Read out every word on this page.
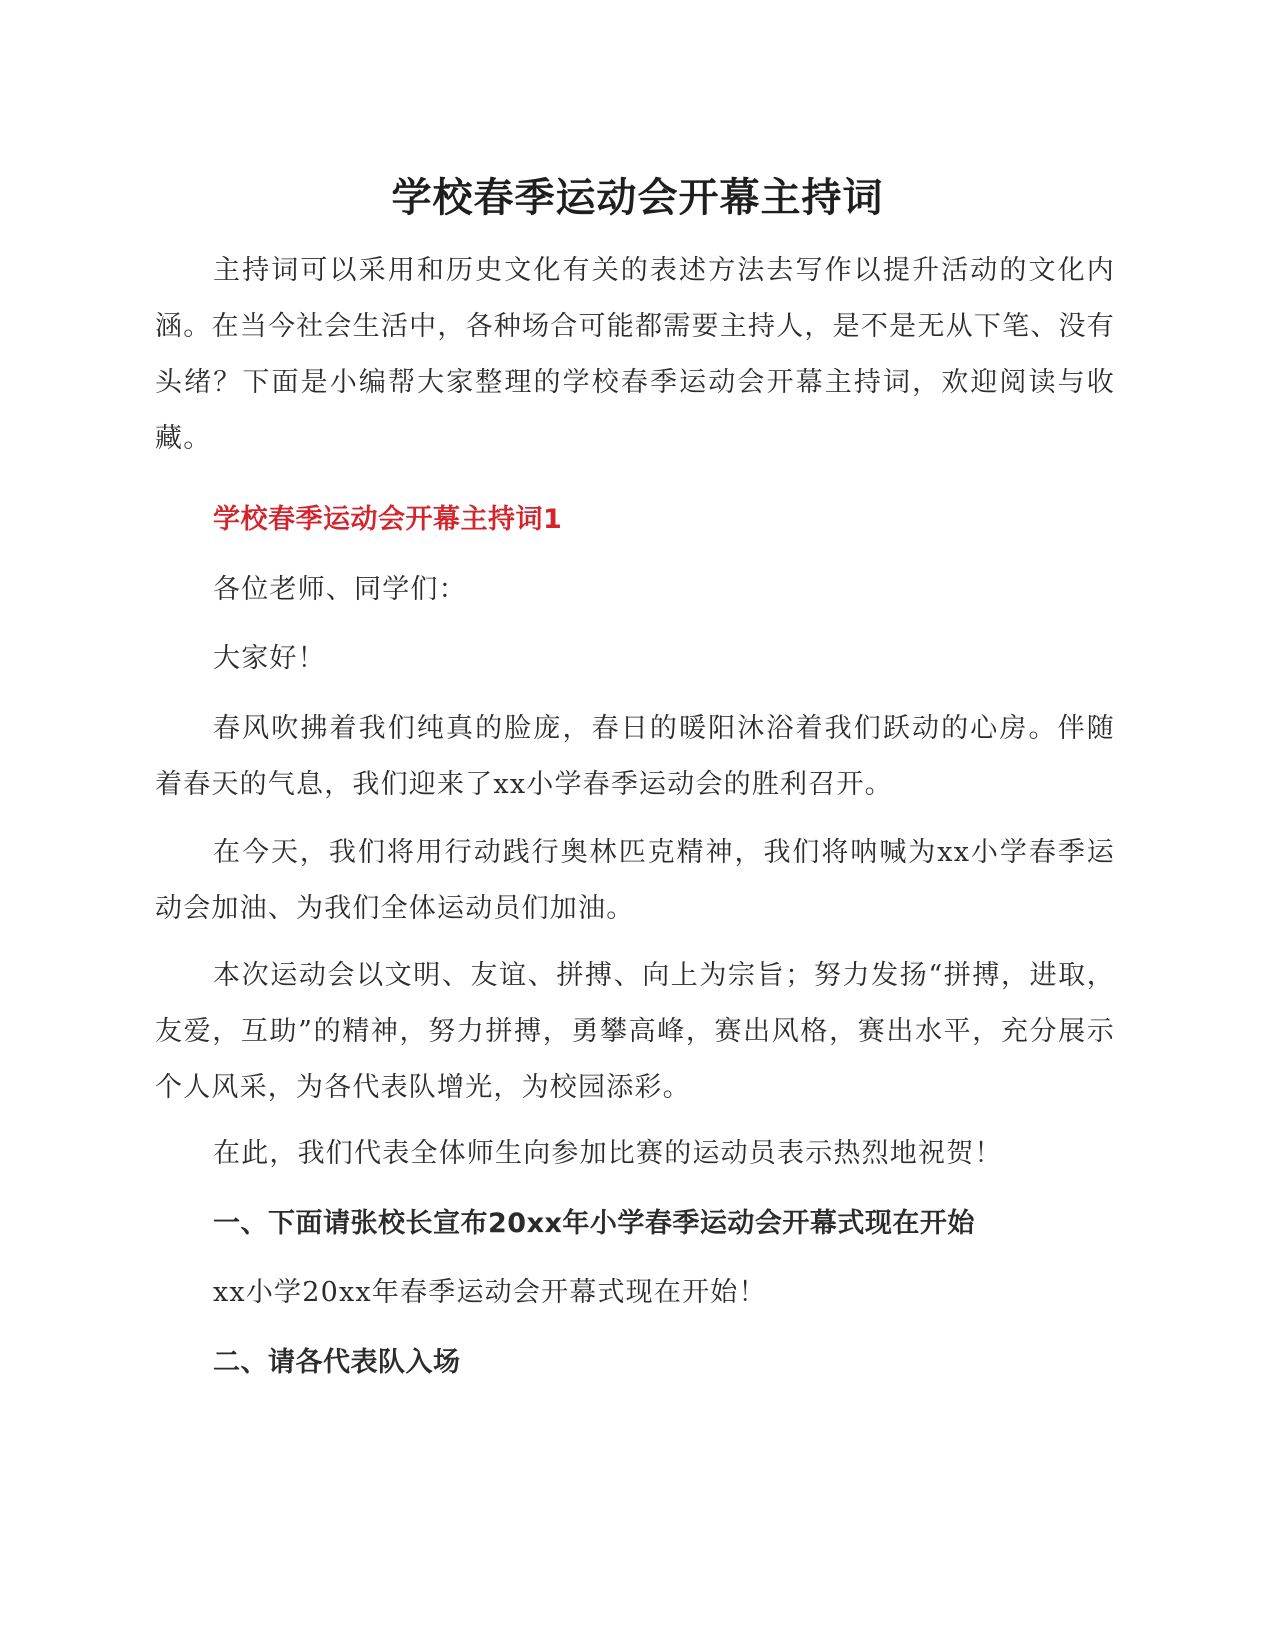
学校春季运动会开幕主持词

主持词可以采用和历史文化有关的表述方法去写作以提升活动的文化内涵。在当今社会生活中，各种场合可能都需要主持人，是不是无从下笔、没有头绪？下面是小编帮大家整理的学校春季运动会开幕主持词，欢迎阅读与收藏。

学校春季运动会开幕主持词1

各位老师、同学们：

大家好！

春风吹拂着我们纯真的脸庞，春日的暖阳沐浴着我们跃动的心房。伴随着春天的气息，我们迎来了xx小学春季运动会的胜利召开。

在今天，我们将用行动践行奥林匹克精神，我们将呐喊为xx小学春季运动会加油、为我们全体运动员们加油。

本次运动会以文明、友谊、拼搏、向上为宗旨；努力发扬“拼搏，进取，友爱，互助”的精神，努力拼搏，勇攀高峰，赛出风格，赛出水平，充分展示个人风采，为各代表队增光，为校园添彩。

在此，我们代表全体师生向参加比赛的运动员表示热烈地祝贺！

一、下面请张校长宣布20xx年小学春季运动会开幕式现在开始

xx小学20xx年春季运动会开幕式现在开始！

二、请各代表队入场
